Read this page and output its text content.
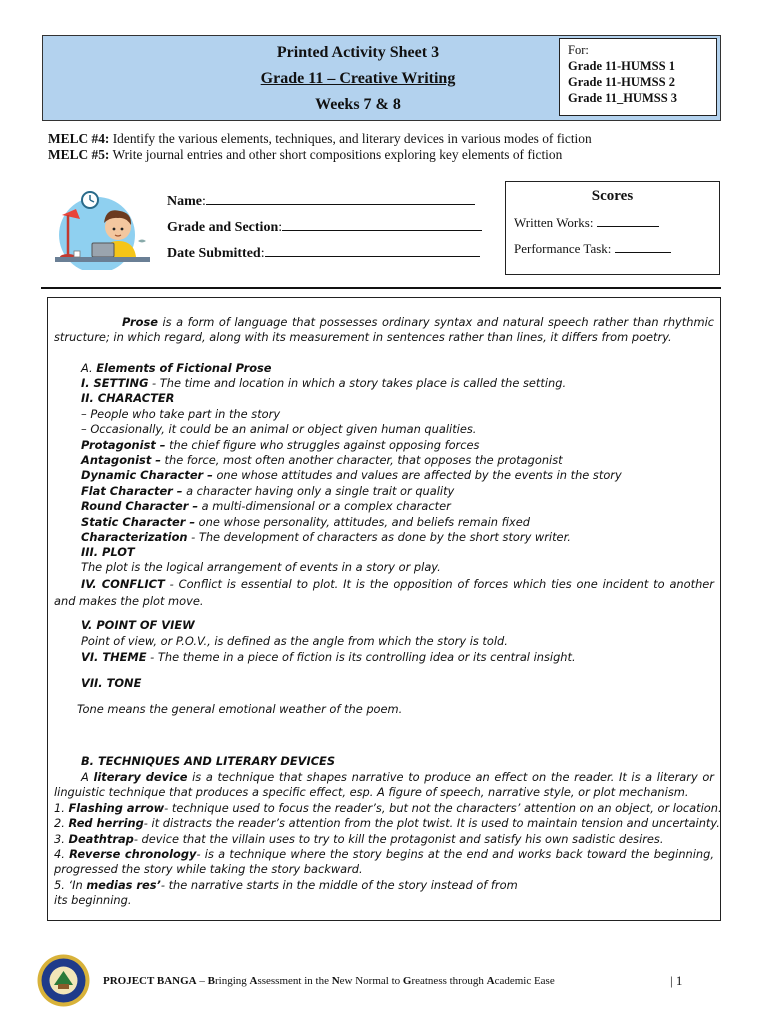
Printed Activity Sheet 3
Grade 11 – Creative Writing
Weeks 7 & 8
For:
Grade 11-HUMSS 1
Grade 11-HUMSS 2
Grade 11_HUMSS 3
MELC #4: Identify the various elements, techniques, and literary devices in various modes of fiction
MELC #5: Write journal entries and other short compositions exploring key elements of fiction
Name:
Grade and Section:
Date Submitted:
Scores
Written Works:
Performance Task:
Prose is a form of language that possesses ordinary syntax and natural speech rather than rhythmic structure; in which regard, along with its measurement in sentences rather than lines, it differs from poetry.
A. Elements of Fictional Prose
I. SETTING - The time and location in which a story takes place is called the setting.
II. CHARACTER
– People who take part in the story
– Occasionally, it could be an animal or object given human qualities.
Protagonist – the chief figure who struggles against opposing forces
Antagonist – the force, most often another character, that opposes the protagonist
Dynamic Character – one whose attitudes and values are affected by the events in the story
Flat Character – a character having only a single trait or quality
Round Character – a multi-dimensional or a complex character
Static Character – one whose personality, attitudes, and beliefs remain fixed
Characterization - The development of characters as done by the short story writer.
III. PLOT
The plot is the logical arrangement of events in a story or play.
IV. CONFLICT - Conflict is essential to plot. It is the opposition of forces which ties one incident to another and makes the plot move.
V. POINT OF VIEW
Point of view, or P.O.V., is defined as the angle from which the story is told.
VI. THEME - The theme in a piece of fiction is its controlling idea or its central insight.
VII. TONE
Tone means the general emotional weather of the poem.
B. TECHNIQUES AND LITERARY DEVICES
A literary device is a technique that shapes narrative to produce an effect on the reader. It is a literary or linguistic technique that produces a specific effect, esp. A figure of speech, narrative style, or plot mechanism.
1. Flashing arrow- technique used to focus the reader’s, but not the characters’ attention on an object, or location.
2. Red herring- it distracts the reader’s attention from the plot twist. It is used to maintain tension and uncertainty.
3. Deathtrap- device that the villain uses to try to kill the protagonist and satisfy his own sadistic desires.
4. Reverse chronology- is a technique where the story begins at the end and works back toward the beginning, progressed the story while taking the story backward.
5. ‘In medias res’- the narrative starts in the middle of the story instead of from
its beginning.
PROJECT BANGA – Bringing Assessment in the New Normal to Greatness through Academic Ease	| 1
